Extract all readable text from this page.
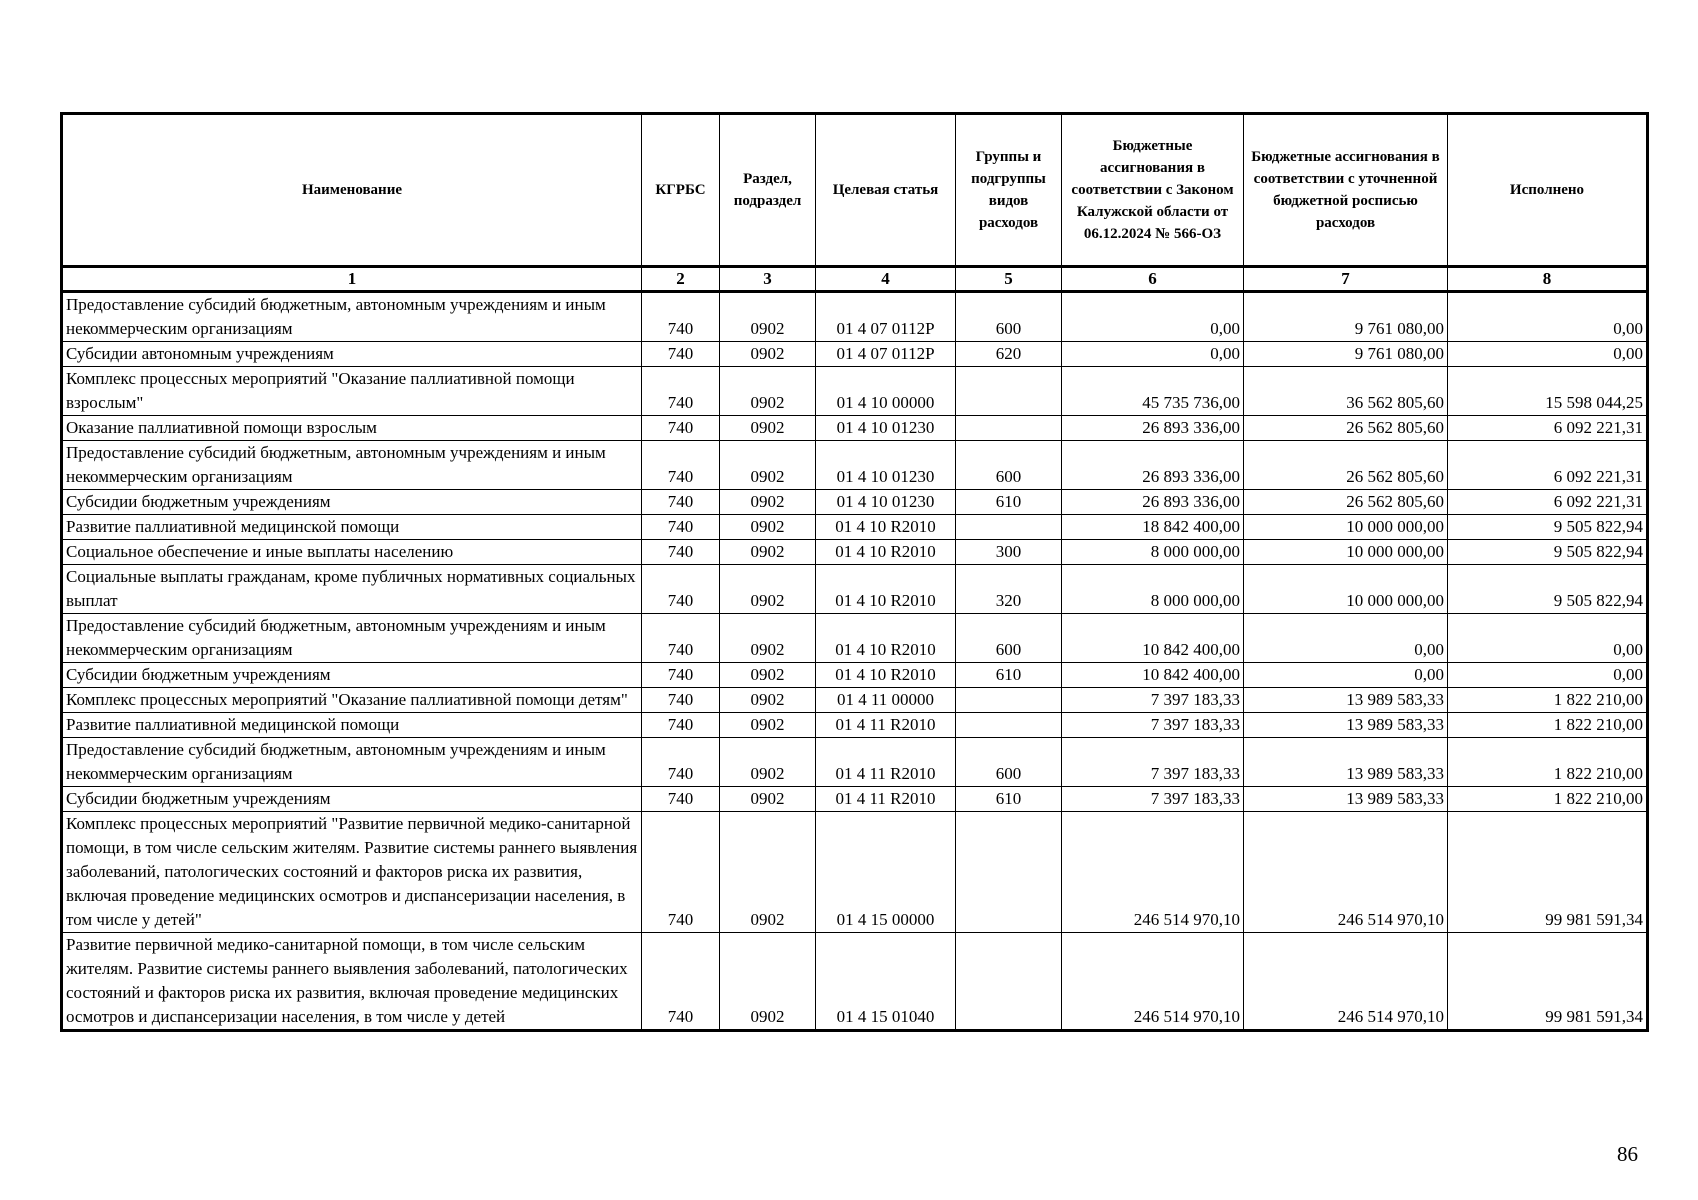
Наименование	КГРБС	Раздел, подраздел	Целевая статья	Группы и подгруппы видов расходов	Бюджетные ассигнования в соответствии с Законом Калужской области от 06.12.2024 № 566-ОЗ	Бюджетные ассигнования в соответствии с уточненной бюджетной росписью расходов	Исполнено
1	2	3	4	5	6	7	8
Предоставление субсидий бюджетным, автономным учреждениям и иным некоммерческим организациям	740	0902	01 4 07 0112P	600	0,00	9 761 080,00	0,00
Субсидии автономным учреждениям	740	0902	01 4 07 0112P	620	0,00	9 761 080,00	0,00
Комплекс процессных мероприятий "Оказание паллиативной помощи взрослым"	740	0902	01 4 10 00000		45 735 736,00	36 562 805,60	15 598 044,25
Оказание паллиативной помощи взрослым	740	0902	01 4 10 01230		26 893 336,00	26 562 805,60	6 092 221,31
Предоставление субсидий бюджетным, автономным учреждениям и иным некоммерческим организациям	740	0902	01 4 10 01230	600	26 893 336,00	26 562 805,60	6 092 221,31
Субсидии бюджетным учреждениям	740	0902	01 4 10 01230	610	26 893 336,00	26 562 805,60	6 092 221,31
Развитие паллиативной медицинской помощи	740	0902	01 4 10 R2010		18 842 400,00	10 000 000,00	9 505 822,94
Социальное обеспечение и иные выплаты населению	740	0902	01 4 10 R2010	300	8 000 000,00	10 000 000,00	9 505 822,94
Социальные выплаты гражданам, кроме публичных нормативных социальных выплат	740	0902	01 4 10 R2010	320	8 000 000,00	10 000 000,00	9 505 822,94
Предоставление субсидий бюджетным, автономным учреждениям и иным некоммерческим организациям	740	0902	01 4 10 R2010	600	10 842 400,00	0,00	0,00
Субсидии бюджетным учреждениям	740	0902	01 4 10 R2010	610	10 842 400,00	0,00	0,00
Комплекс процессных мероприятий "Оказание паллиативной помощи детям"	740	0902	01 4 11 00000		7 397 183,33	13 989 583,33	1 822 210,00
Развитие паллиативной медицинской помощи	740	0902	01 4 11 R2010		7 397 183,33	13 989 583,33	1 822 210,00
Предоставление субсидий бюджетным, автономным учреждениям и иным некоммерческим организациям	740	0902	01 4 11 R2010	600	7 397 183,33	13 989 583,33	1 822 210,00
Субсидии бюджетным учреждениям	740	0902	01 4 11 R2010	610	7 397 183,33	13 989 583,33	1 822 210,00
Комплекс процессных мероприятий "Развитие первичной медико-санитарной помощи, в том числе сельским жителям. Развитие системы раннего выявления заболеваний, патологических состояний и факторов риска их развития, включая проведение медицинских осмотров и диспансеризации населения, в том числе у детей"	740	0902	01 4 15 00000		246 514 970,10	246 514 970,10	99 981 591,34
Развитие первичной медико-санитарной помощи, в том числе сельским жителям. Развитие системы раннего выявления заболеваний, патологических состояний и факторов риска их развития, включая проведение медицинских осмотров и диспансеризации населения, в том числе у детей	740	0902	01 4 15 01040		246 514 970,10	246 514 970,10	99 981 591,34
86
